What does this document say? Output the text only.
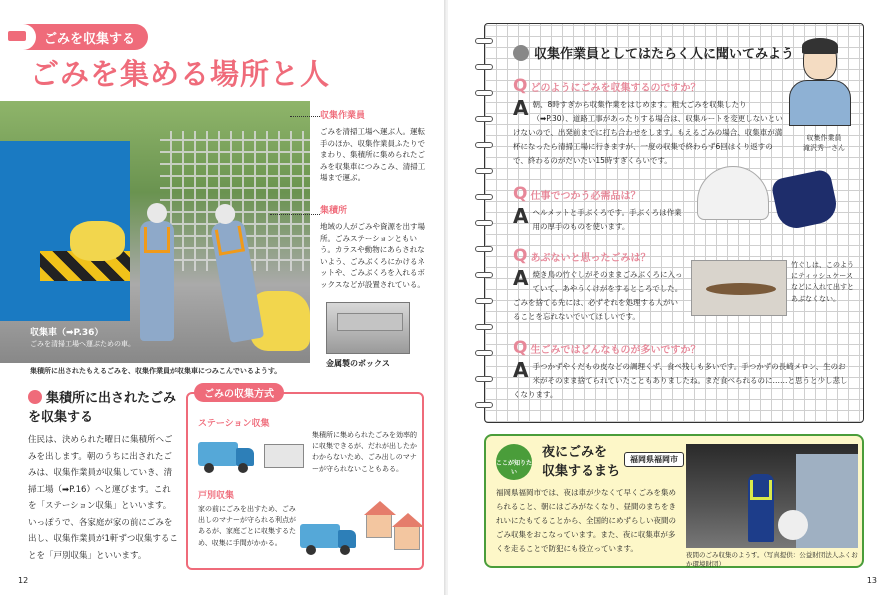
ごみを収集する
ごみを集める場所と人
収集車（➡P.36）
ごみを清掃工場へ運ぶための車。
集積所に出されたもえるごみを、収集作業員が収集車につみこんでいるようす。
収集作業員
ごみを清掃工場へ運ぶ人。運転手のほか、収集作業員ふたりでまわり、集積所に集められたごみを収集車につみこみ、清掃工場まで運ぶ。
集積所
地域の人がごみや資源を出す場所。ごみステーションともいう。カラスや動物にあらされないよう、ごみぶくろにかけるネットや、ごみぶくろを入れるボックスなどが設置されている。
金属製のボックス
集積所に出されたごみを収集する
住民は、決められた曜日に集積所へごみを出します。朝のうちに出されたごみは、収集作業員が収集していき、清掃工場（➡P.16）へと運びます。これを「ステーション収集」といいます。　いっぽうで、各家庭が家の前にごみを出し、収集作業員が1軒ずつ収集することを「戸別収集」といいます。
ごみの収集方式
ステーション収集
集積所に集められたごみを効率的に収集できるが、だれが出したかわからないため、ごみ出しのマナーが守られないこともある。
戸別収集
家の前にごみを出すため、ごみ出しのマナーが守られる利点があるが、家庭ごとに収集するため、収集に手間がかかる。
12
収集作業員としてはたらく人に聞いてみよう
収集作業員
滝沢秀一さん
Qどのようにごみを収集するのですか？
A朝、8時すぎから収集作業をはじめます。粗大ごみを収集したり（➡P.30）、道路工事があったりする場合は、収集ルートを変更しないといけないので、出発前までに打ち合わせをします。もえるごみの場合、収集車が満杯になったら清掃工場に行きますが、一度の収集で終わらず6回はくり返すので、終わるのがだいたい15時すぎくらいです。
Q仕事でつかう必需品は？
Aヘルメットと手ぶくろです。手ぶくろは作業用の厚手のものを使います。
Qあぶないと思ったごみは？
A焼き鳥の竹ぐしがそのままごみぶくろに入っていて、あやうくけがをするところでした。ごみを捨てる先には、必ずそれを処理する人がいることを忘れないでいてほしいです。
竹ぐしは、このようにティッシュケースなどに入れて出すとあぶなくない。
Q生ごみではどんなものが多いですか？
A手つかずやくだもの皮などの調理くず、食べ残しも多いです。手つかずの長崎メロン、生のお米がそのまま捨てられていたこともありましたね。まだ食べられるのに……と思うと少し悲しくなります。
ここが知りたい
夜にごみを
収集するまち
福岡県福岡市
福岡県福岡市では、夜は車が少なくて早くごみを集められること、朝にはごみがなくなり、昼間のまちをきれいにたもてることから、全国的にめずらしい夜間のごみ収集をおこなっています。また、夜に収集車が多くを走ることで防犯にも役立っています。
夜間のごみ収集のようす。（写真提供：公益財団法人ふくおか環境財団）
13
